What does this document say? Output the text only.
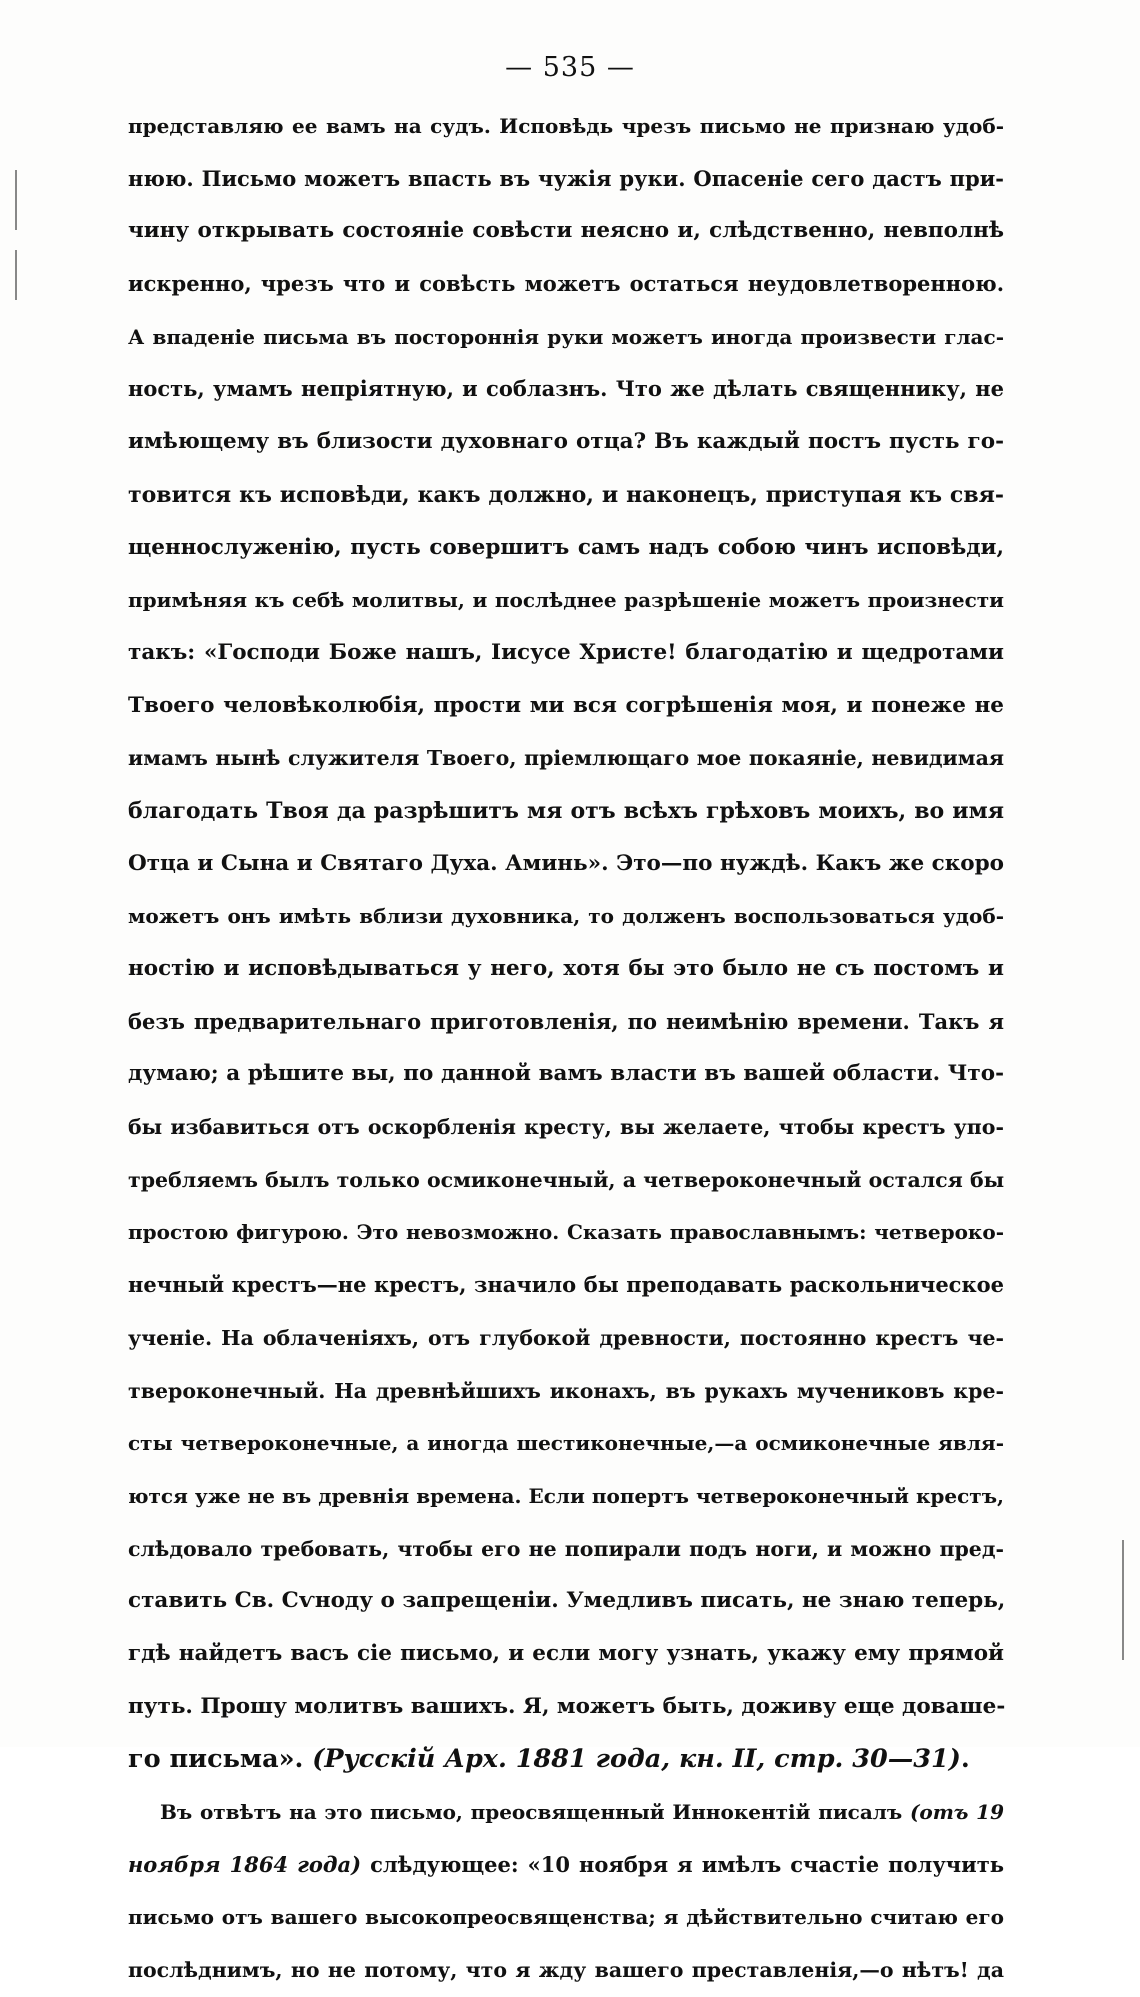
— 535 —
представляю ее вамъ на судъ. Исповѣдь чрезъ письмо не признаю удоб-
нюю. Письмо можетъ впасть въ чужія руки. Опасеніе сего дастъ при-
чину открывать состояніе совѣсти неясно и, слѣдственно, невполнѣ
искренно, чрезъ что и совѣсть можетъ остаться неудовлетворенною.
А впаденіе письма въ постороннія руки можетъ иногда произвести глас-
ность, умамъ непріятную, и соблазнъ. Что же дѣлать священнику, не
имѣющему въ близости духовнаго отца? Въ каждый постъ пусть го-
товится къ исповѣди, какъ должно, и наконецъ, приступая къ свя-
щеннослуженію, пусть совершитъ самъ надъ собою чинъ исповѣди,
примѣняя къ себѣ молитвы, и послѣднее разрѣшеніе можетъ произнести
такъ: «Господи Боже нашъ, Іисусе Христе! благодатію и щедротами
Твоего человѣколюбія, прости ми вся согрѣшенія моя, и понеже не
имамъ нынѣ служителя Твоего, пріемлющаго мое покаяніе, невидимая
благодать Твоя да разрѣшитъ мя отъ всѣхъ грѣховъ моихъ, во имя
Отца и Сына и Святаго Духа. Аминь». Это—по нуждѣ. Какъ же скоро
можетъ онъ имѣть вблизи духовника, то долженъ воспользоваться удоб-
ностію и исповѣдываться у него, хотя бы это было не съ постомъ и
безъ предварительнаго приготовленія, по неимѣнію времени. Такъ я
думаю; а рѣшите вы, по данной вамъ власти въ вашей области. Что-
бы избавиться отъ оскорбленія кресту, вы желаете, чтобы крестъ упо-
требляемъ былъ только осмиконечный, а четвероконечный остался бы
простою фигурою. Это невозможно. Сказать православнымъ: четвероко-
нечный крестъ—не крестъ, значило бы преподавать раскольническое
ученіе. На облаченіяхъ, отъ глубокой древности, постоянно крестъ че-
твероконечный. На древнѣйшихъ иконахъ, въ рукахъ мучениковъ кре-
сты четвероконечные, а иногда шестиконечные,—а осмиконечные явля-
ются уже не въ древнія времена. Если попертъ четвероконечный крестъ,
слѣдовало требовать, чтобы его не попирали подъ ноги, и можно пред-
ставить Св. Сѵноду о запрещеніи. Умедливъ писать, не знаю теперь,
гдѣ найдетъ васъ сіе письмо, и если могу узнать, укажу ему прямой
путь. Прошу молитвъ вашихъ. Я, можетъ быть, доживу еще доваше-
го письма». (Русскій Арх. 1881 года, кн. II, стр. 30—31).
Въ отвѣтъ на это письмо, преосвященный Иннокентій писалъ (отъ 19
ноября 1864 года) слѣдующее: «10 ноября я имѣлъ счастіе получить
письмо отъ вашего высокопреосвященства; я дѣйствительно считаю его
послѣднимъ, но не потому, что я жду вашего преставленія,—о нѣтъ! да
